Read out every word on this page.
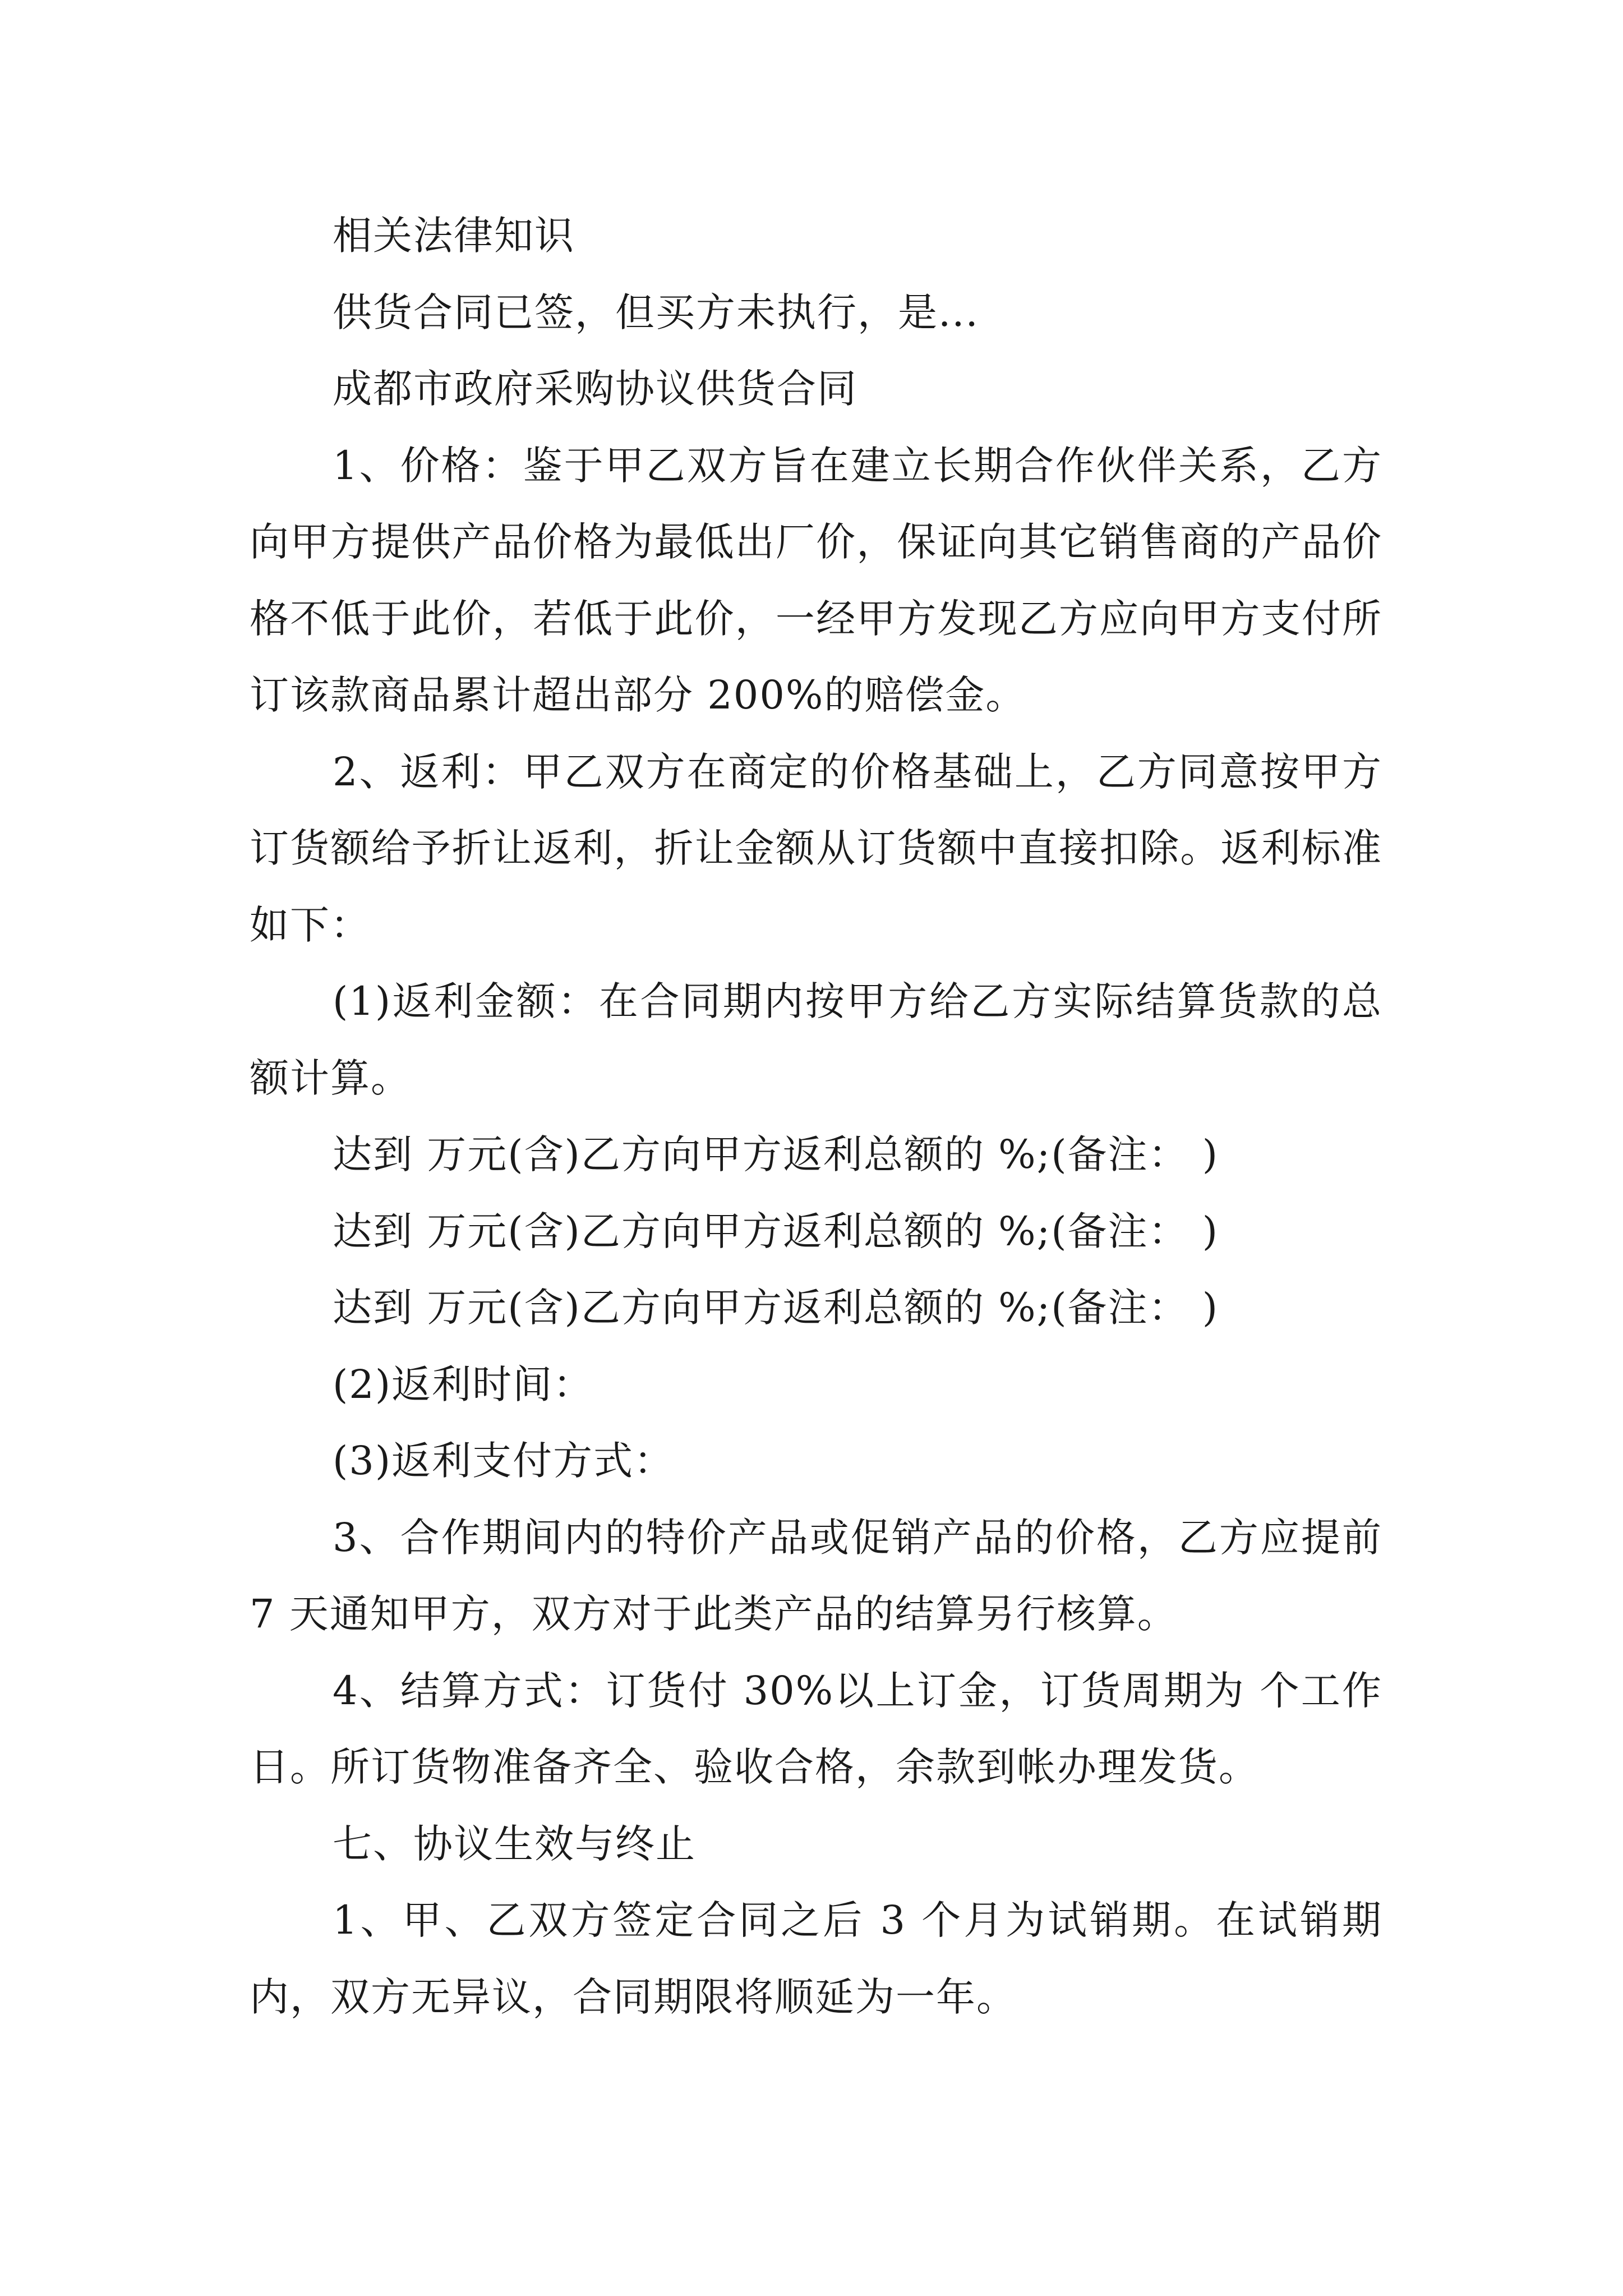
相关法律知识

供货合同已签，但买方未执行，是...

成都市政府采购协议供货合同

1、价格：鉴于甲乙双方旨在建立长期合作伙伴关系，乙方向甲方提供产品价格为最低出厂价，保证向其它销售商的产品价格不低于此价，若低于此价，一经甲方发现乙方应向甲方支付所订该款商品累计超出部分 200%的赔偿金。

2、返利：甲乙双方在商定的价格基础上，乙方同意按甲方订货额给予折让返利，折让金额从订货额中直接扣除。返利标准如下：

(1)返利金额：在合同期内按甲方给乙方实际结算货款的总额计算。

达到 万元(含)乙方向甲方返利总额的 %;(备注： )

达到 万元(含)乙方向甲方返利总额的 %;(备注： )

达到 万元(含)乙方向甲方返利总额的 %;(备注： )

(2)返利时间：

(3)返利支付方式：

3、合作期间内的特价产品或促销产品的价格，乙方应提前 7 天通知甲方，双方对于此类产品的结算另行核算。

4、结算方式：订货付 30%以上订金，订货周期为 个工作日。所订货物准备齐全、验收合格，余款到帐办理发货。

七、协议生效与终止

1、甲、乙双方签定合同之后 3 个月为试销期。在试销期内，双方无异议，合同期限将顺延为一年。
